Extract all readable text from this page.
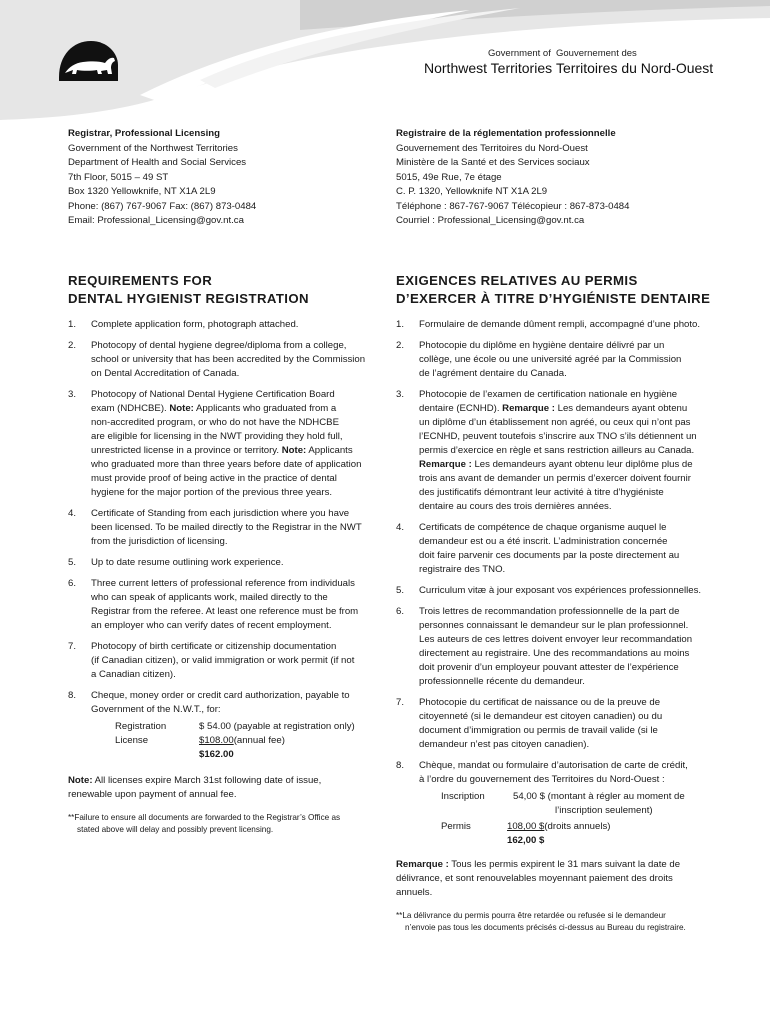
Government of Gouvernement des
Northwest Territories Territoires du Nord-Ouest
Registrar, Professional Licensing
Government of the Northwest Territories
Department of Health and Social Services
7th Floor, 5015 – 49 ST
Box 1320 Yellowknife, NT X1A 2L9
Phone: (867) 767-9067 Fax: (867) 873-0484
Email: Professional_Licensing@gov.nt.ca
Registraire de la réglementation professionnelle
Gouvernement des Territoires du Nord-Ouest
Ministère de la Santé et des Services sociaux
5015, 49e Rue, 7e étage
C. P. 1320, Yellowknife NT X1A 2L9
Téléphone : 867-767-9067 Télécopieur : 867-873-0484
Courriel : Professional_Licensing@gov.nt.ca
REQUIREMENTS FOR
DENTAL HYGIENIST REGISTRATION
EXIGENCES RELATIVES AU PERMIS
D’EXERCER À TITRE D’HYGIÉNISTE DENTAIRE
1. Complete application form, photograph attached.
2. Photocopy of dental hygiene degree/diploma from a college,
school or university that has been accredited by the Commission
on Dental Accreditation of Canada.
3. Photocopy of National Dental Hygiene Certification Board
exam (NDHCBE). Note: Applicants who graduated from a
non-accredited program, or who do not have the NDHCBE
are eligible for licensing in the NWT providing they hold full,
unrestricted license in a province or territory. Note: Applicants
who graduated more than three years before date of application
must provide proof of being active in the practice of dental
hygiene for the major portion of the previous three years.
4. Certificate of Standing from each jurisdiction where you have
been licensed. To be mailed directly to the Registrar in the NWT
from the jurisdiction of licensing.
5. Up to date resume outlining work experience.
6. Three current letters of professional reference from individuals
who can speak of applicants work, mailed directly to the
Registrar from the referee. At least one reference must be from
an employer who can verify dates of recent employment.
7. Photocopy of birth certificate or citizenship documentation
(if Canadian citizen), or valid immigration or work permit (if not
a Canadian citizen).
8. Cheque, money order or credit card authorization, payable to
Government of the N.W.T., for:
Registration	$ 54.00 (payable at registration only)
License	$108.00 (annual fee)
$162.00
Note: All licenses expire March 31st following date of issue,
renewable upon payment of annual fee.
**Failure to ensure all documents are forwarded to the Registrar’s Office as
stated above will delay and possibly prevent licensing.
1. Formulaire de demande dûment rempli, accompagné d’une photo.
2. Photocopie du diplôme en hygiène dentaire délivré par un
collège, une école ou une université agréé par la Commission
de l’agrément dentaire du Canada.
3. Photocopie de l’examen de certification nationale en hygiène
dentaire (ECNHD). Remarque : Les demandeurs ayant obtenu
un diplôme d’un établissement non agréé, ou ceux qui n’ont pas
l’ECNHD, peuvent toutefois s’inscrire aux TNO s’ils détiennent un
permis d’exercice en règle et sans restriction ailleurs au Canada.
Remarque : Les demandeurs ayant obtenu leur diplôme plus de
trois ans avant de demander un permis d’exercer doivent fournir
des justificatifs démontrant leur activité à titre d’hygiéniste
dentaire au cours des trois dernières années.
4. Certificats de compétence de chaque organisme auquel le
demandeur est ou a été inscrit. L’administration concernée
doit faire parvenir ces documents par la poste directement au
registraire des TNO.
5. Curriculum vitæ à jour exposant vos expériences professionnelles.
6. Trois lettres de recommandation professionnelle de la part de
personnes connaissant le demandeur sur le plan professionnel.
Les auteurs de ces lettres doivent envoyer leur recommandation
directement au registraire. Une des recommandations au moins
doit provenir d’un employeur pouvant attester de l’expérience
professionnelle récente du demandeur.
7. Photocopie du certificat de naissance ou de la preuve de
citoyenneté (si le demandeur est citoyen canadien) ou du
document d’immigration ou permis de travail valide (si le
demandeur n’est pas citoyen canadien).
8. Chèque, mandat ou formulaire d’autorisation de carte de crédit,
à l’ordre du gouvernement des Territoires du Nord-Ouest :
Inscription	54,00 $ (montant à régler au moment de
l’inscription seulement)
Permis	108,00 $ (droits annuels)
162,00 $
Remarque : Tous les permis expirent le 31 mars suivant la date de
délivrance, et sont renouvelables moyennant paiement des droits
annuels.
**La délivrance du permis pourra être retardée ou refusée si le demandeur
n’envoie pas tous les documents précisés ci-dessus au Bureau du registraire.
